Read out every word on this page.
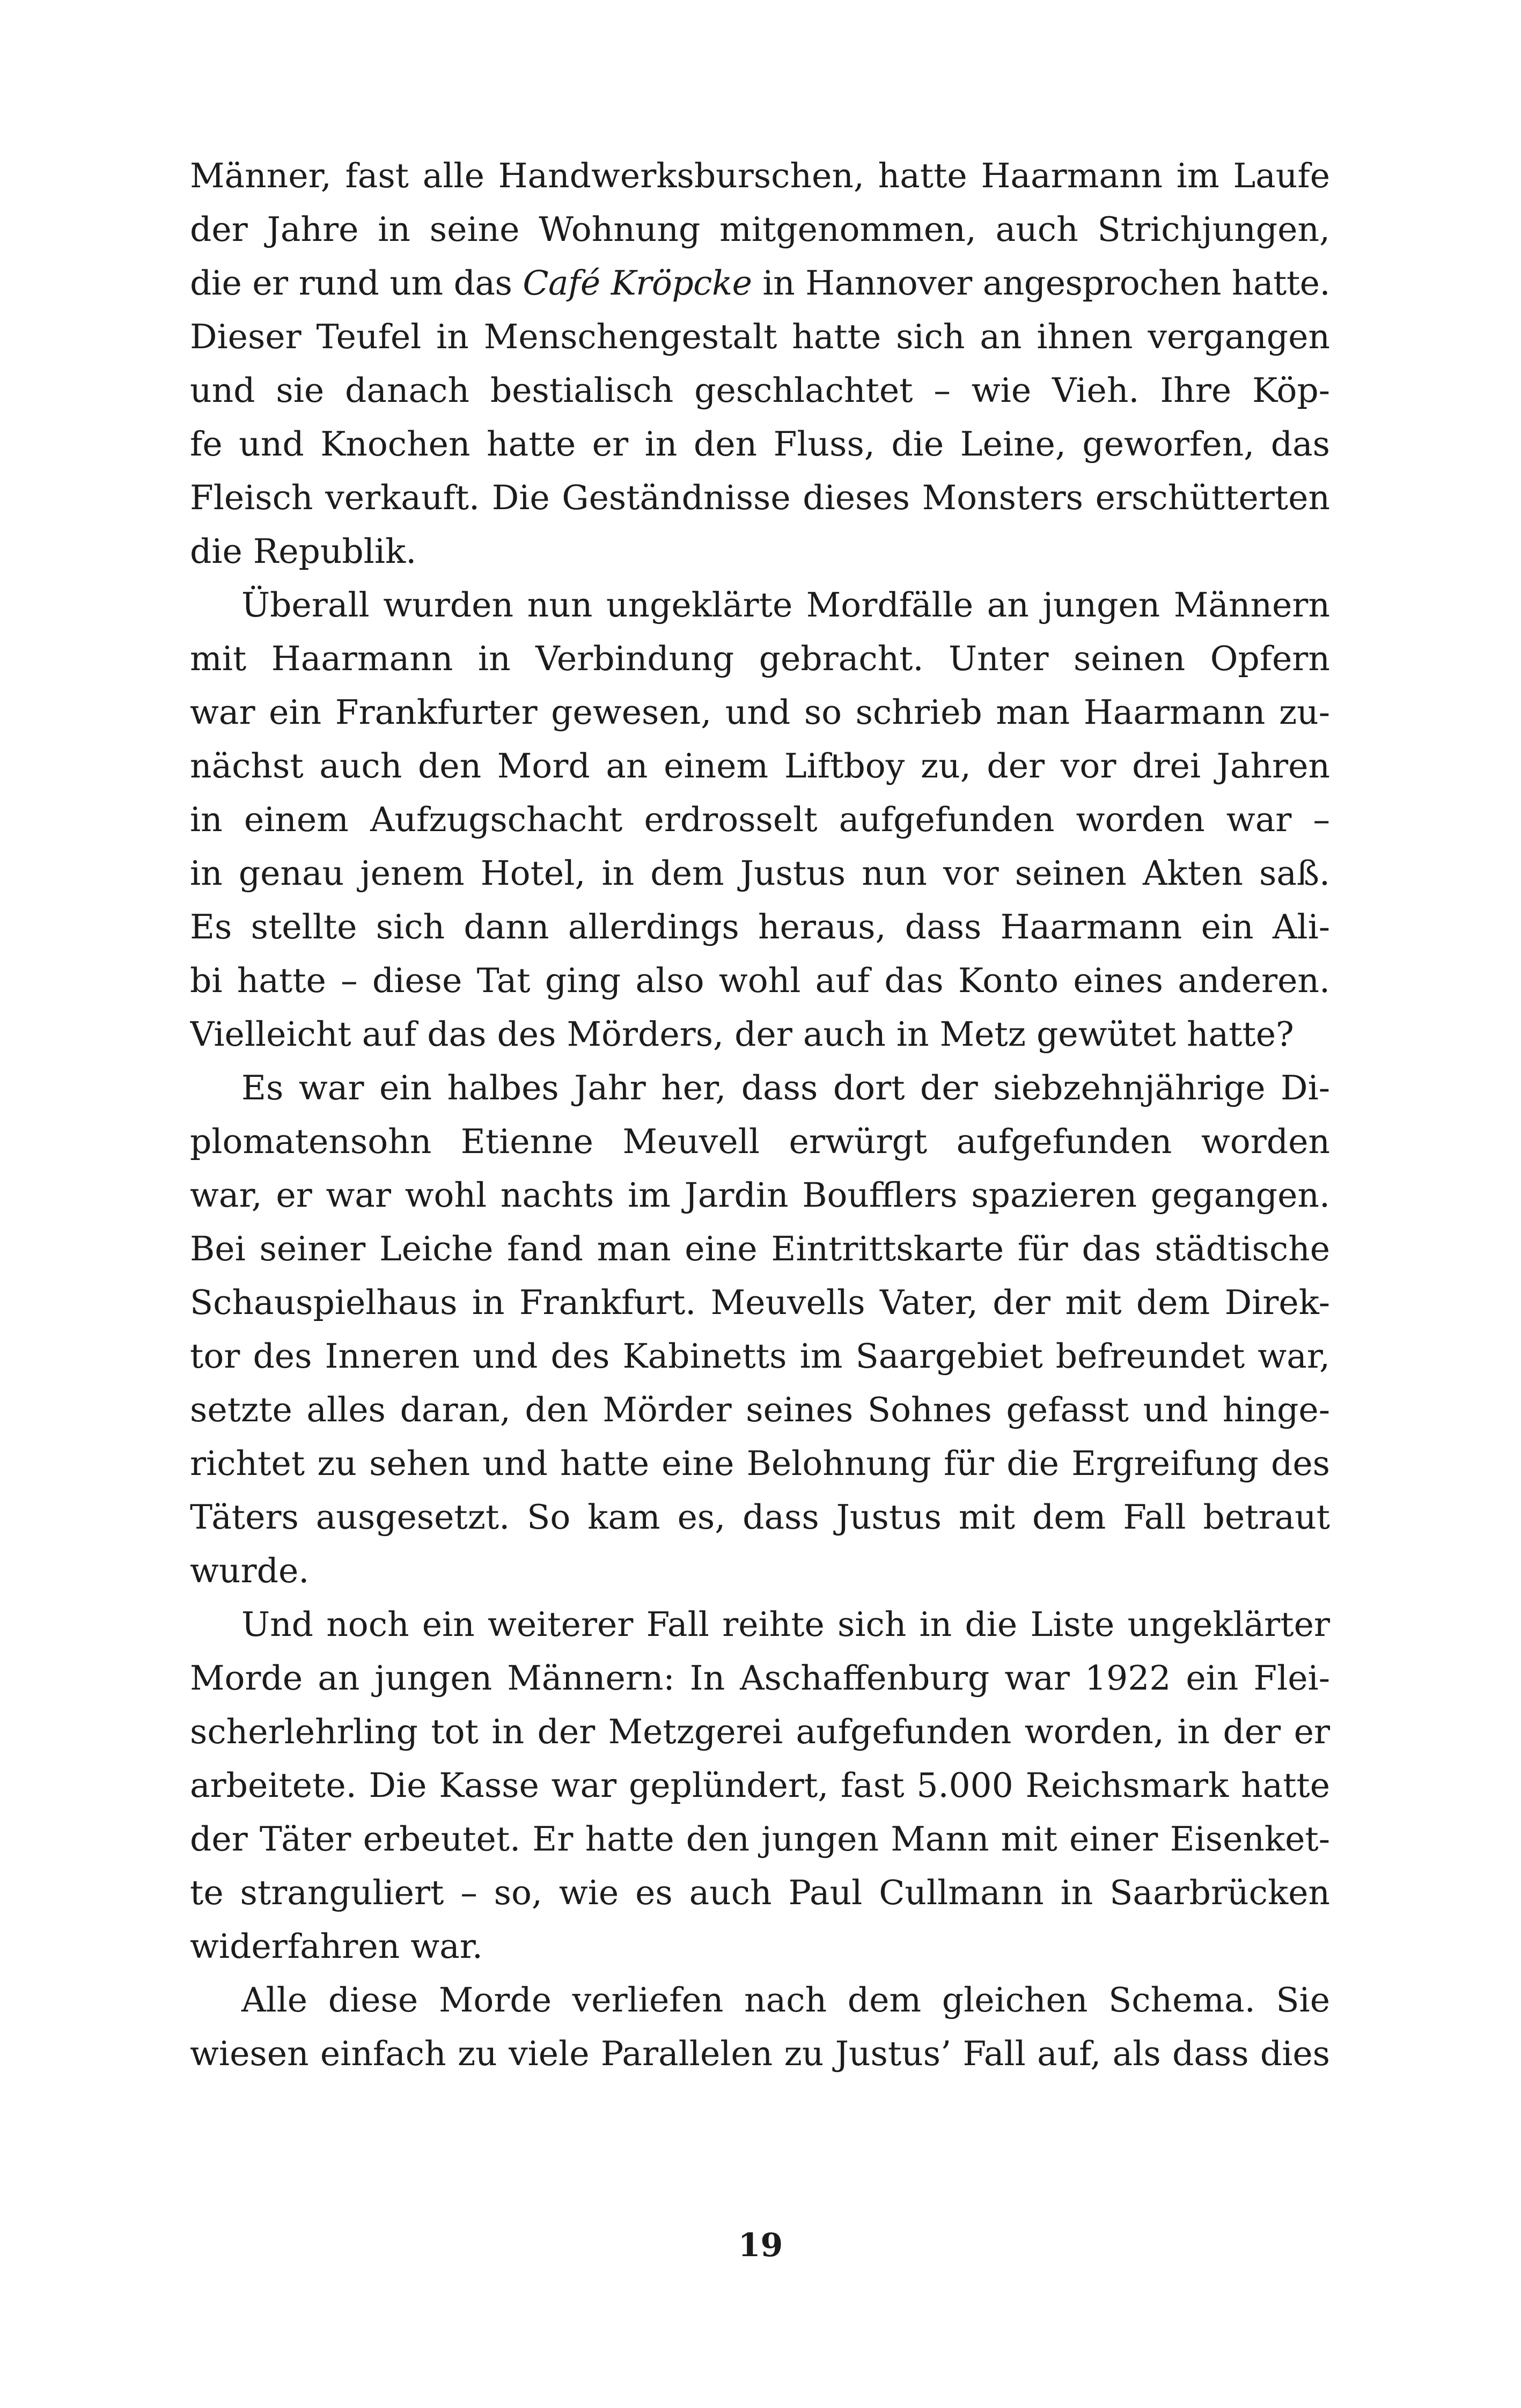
Männer, fast alle Handwerksburschen, hatte Haarmann im Laufe
der Jahre in seine Wohnung mitgenommen, auch Strichjungen,
die er rund um das Café Kröpcke in Hannover angesprochen hatte.
Dieser Teufel in Menschengestalt hatte sich an ihnen vergangen
und sie danach bestialisch geschlachtet – wie Vieh. Ihre Köp-
fe und Knochen hatte er in den Fluss, die Leine, geworfen, das
Fleisch verkauft. Die Geständnisse dieses Monsters erschütterten
die Republik.
Überall wurden nun ungeklärte Mordfälle an jungen Männern
mit Haarmann in Verbindung gebracht. Unter seinen Opfern
war ein Frankfurter gewesen, und so schrieb man Haarmann zu-
nächst auch den Mord an einem Liftboy zu, der vor drei Jahren
in einem Aufzugschacht erdrosselt aufgefunden worden war –
in genau jenem Hotel, in dem Justus nun vor seinen Akten saß.
Es stellte sich dann allerdings heraus, dass Haarmann ein Ali-
bi hatte – diese Tat ging also wohl auf das Konto eines anderen.
Vielleicht auf das des Mörders, der auch in Metz gewütet hatte?
Es war ein halbes Jahr her, dass dort der siebzehnjährige Di-
plomatensohn Etienne Meuvell erwürgt aufgefunden worden
war, er war wohl nachts im Jardin Boufflers spazieren gegangen.
Bei seiner Leiche fand man eine Eintrittskarte für das städtische
Schauspielhaus in Frankfurt. Meuvells Vater, der mit dem Direk-
tor des Inneren und des Kabinetts im Saargebiet befreundet war,
setzte alles daran, den Mörder seines Sohnes gefasst und hinge-
richtet zu sehen und hatte eine Belohnung für die Ergreifung des
Täters ausgesetzt. So kam es, dass Justus mit dem Fall betraut
wurde.
Und noch ein weiterer Fall reihte sich in die Liste ungeklärter
Morde an jungen Männern: In Aschaffenburg war 1922 ein Flei-
scherlehrling tot in der Metzgerei aufgefunden worden, in der er
arbeitete. Die Kasse war geplündert, fast 5.000 Reichsmark hatte
der Täter erbeutet. Er hatte den jungen Mann mit einer Eisenket-
te stranguliert – so, wie es auch Paul Cullmann in Saarbrücken
widerfahren war.
Alle diese Morde verliefen nach dem gleichen Schema. Sie
wiesen einfach zu viele Parallelen zu Justus’ Fall auf, als dass dies
19
